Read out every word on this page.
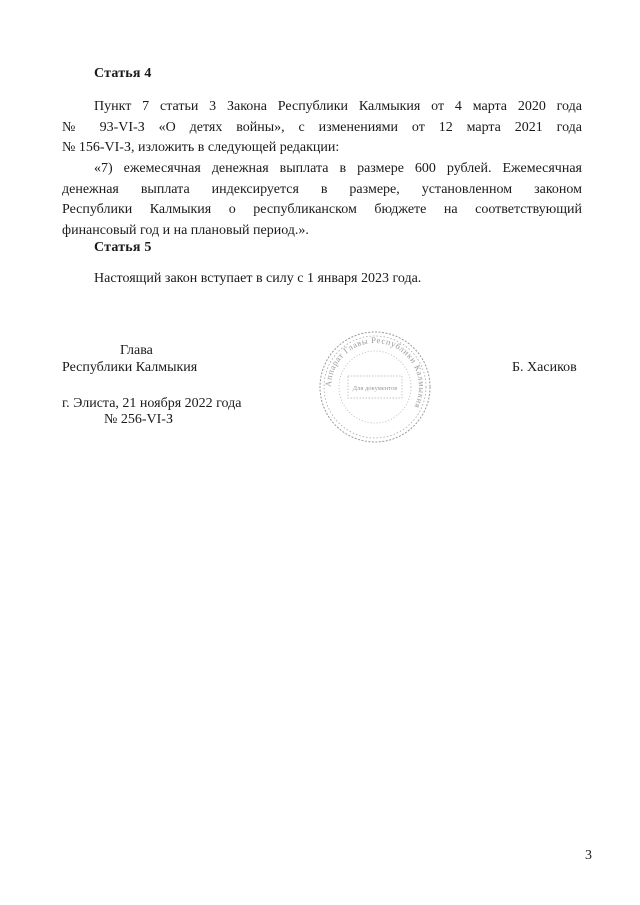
Статья 4
Пункт 7 статьи 3 Закона Республики Калмыкия от 4 марта 2020 года
№ 93-VI-З «О детях войны», с изменениями от 12 марта 2021 года
№ 156-VI-З, изложить в следующей редакции:
«7) ежемесячная денежная выплата в размере 600 рублей. Ежемесячная
денежная выплата индексируется в размере, установленном законом
Республики Калмыкия о республиканском бюджете на соответствующий
финансовый год и на плановый период.».
Статья 5
Настоящий закон вступает в силу с 1 января 2023 года.
Глава
Республики Калмыкия	Б. Хасиков
г. Элиста, 21 ноября 2022 года
№ 256-VI-З
Аппарат Главы Республики Калмыкия
Для документов
3
